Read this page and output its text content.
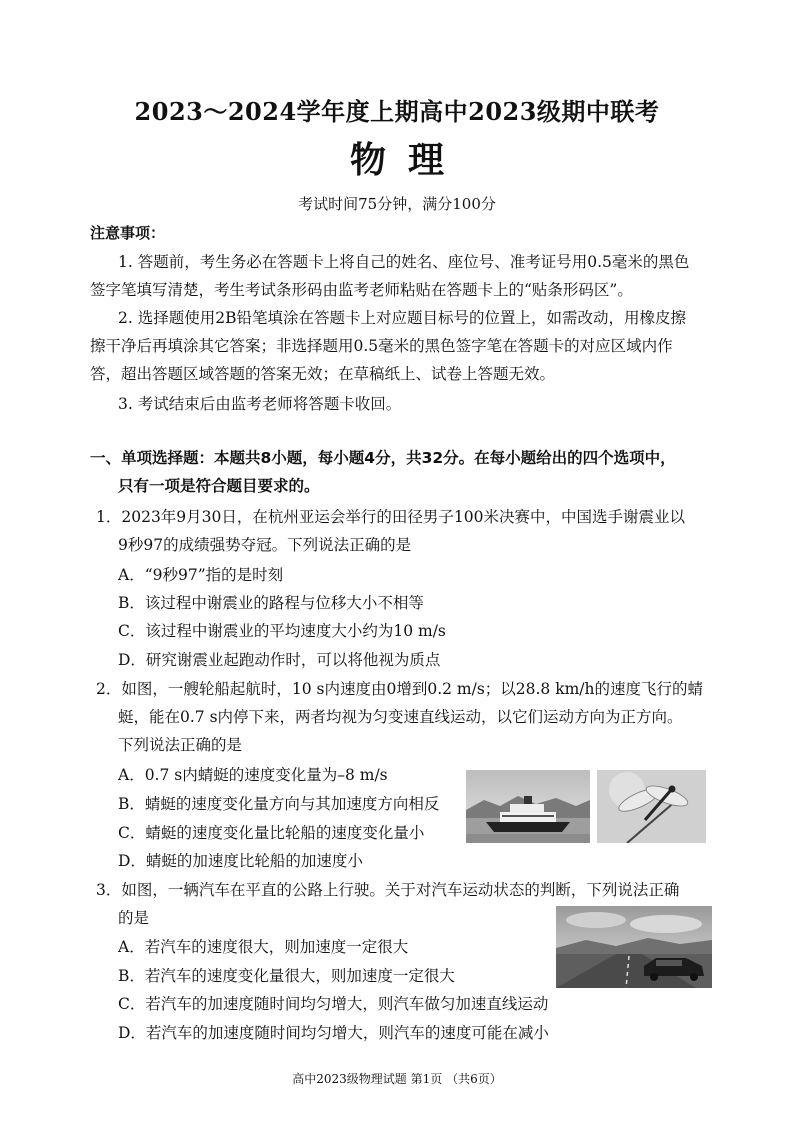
2023～2024学年度上期高中2023级期中联考
物理
考试时间75分钟，满分100分
注意事项：
1. 答题前，考生务必在答题卡上将自己的姓名、座位号、准考证号用0.5毫米的黑色
签字笔填写清楚，考生考试条形码由监考老师粘贴在答题卡上的“贴条形码区”。
2. 选择题使用2B铅笔填涂在答题卡上对应题目标号的位置上，如需改动，用橡皮擦
擦干净后再填涂其它答案；非选择题用0.5毫米的黑色签字笔在答题卡的对应区域内作
答，超出答题区域答题的答案无效；在草稿纸上、试卷上答题无效。
3. 考试结束后由监考老师将答题卡收回。
一、单项选择题：本题共8小题，每小题4分，共32分。在每小题给出的四个选项中，
只有一项是符合题目要求的。
1．2023年9月30日，在杭州亚运会举行的田径男子100米决赛中，中国选手谢震业以
9秒97的成绩强势夺冠。下列说法正确的是
A．“9秒97”指的是时刻
B．该过程中谢震业的路程与位移大小不相等
C．该过程中谢震业的平均速度大小约为10 m/s
D．研究谢震业起跑动作时，可以将他视为质点
2．如图，一艘轮船起航时，10 s内速度由0增到0.2 m/s；以28.8 km/h的速度飞行的蜻
蜓，能在0.7 s内停下来，两者均视为匀变速直线运动，以它们运动方向为正方向。
下列说法正确的是
A．0.7 s内蜻蜓的速度变化量为–8 m/s
B．蜻蜓的速度变化量方向与其加速度方向相反
C．蜻蜓的速度变化量比轮船的速度变化量小
D．蜻蜓的加速度比轮船的加速度小
3．如图，一辆汽车在平直的公路上行驶。关于对汽车运动状态的判断，下列说法正确
的是
A．若汽车的速度很大，则加速度一定很大
B．若汽车的速度变化量很大，则加速度一定很大
C．若汽车的加速度随时间均匀增大，则汽车做匀加速直线运动
D．若汽车的加速度随时间均匀增大，则汽车的速度可能在减小
高中2023级物理试题 第1页 （共6页）
